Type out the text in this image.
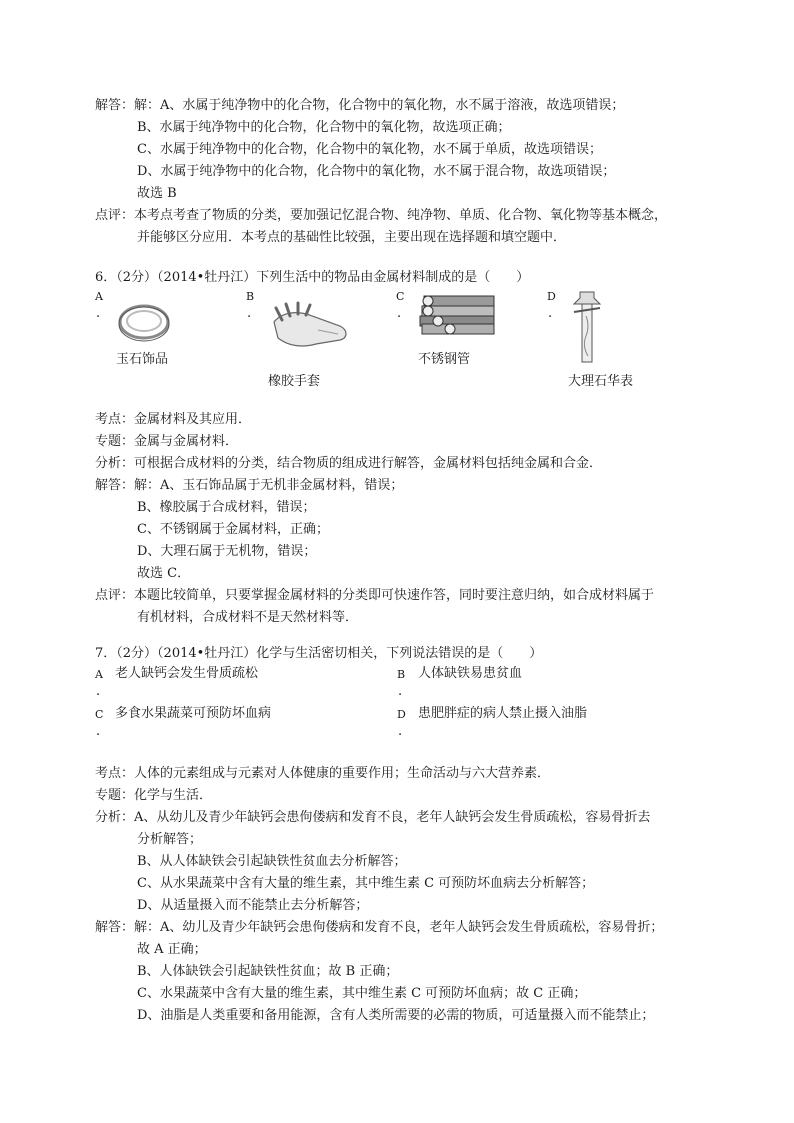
解答：解：A、水属于纯净物中的化合物，化合物中的氧化物，水不属于溶液，故选项错误；
B、水属于纯净物中的化合物，化合物中的氧化物，故选项正确；
C、水属于纯净物中的化合物，化合物中的氧化物，水不属于单质，故选项错误；
D、水属于纯净物中的化合物，化合物中的氧化物，水不属于混合物，故选项错误；
故选 B
点评：本考点考查了物质的分类，要加强记忆混合物、纯净物、单质、化合物、氧化物等基本概念，
并能够区分应用．本考点的基础性比较强，主要出现在选择题和填空题中．
6．（2分）（2014•牡丹江）下列生活中的物品由金属材料制成的是（　　）
A
.
玉石饰品
B
.
橡胶手套
C
.
不锈钢管
D
.
大理石华表
考点：金属材料及其应用．
专题：金属与金属材料．
分析：可根据合成材料的分类，结合物质的组成进行解答，金属材料包括纯金属和合金．
解答：解：A、玉石饰品属于无机非金属材料，错误；
B、橡胶属于合成材料，错误；
C、不锈钢属于金属材料，正确；
D、大理石属于无机物，错误；
故选 C．
点评：本题比较简单，只要掌握金属材料的分类即可快速作答，同时要注意归纳，如合成材料属于
有机材料，合成材料不是天然材料等．
7．（2分）（2014•牡丹江）化学与生活密切相关，下列说法错误的是（　　）
A 老人缺钙会发生骨质疏松
.
B 人体缺铁易患贫血
.
C 多食水果蔬菜可预防坏血病
.
D 患肥胖症的病人禁止摄入油脂
.
考点：人体的元素组成与元素对人体健康的重要作用；生命活动与六大营养素．
专题：化学与生活．
分析：A、从幼儿及青少年缺钙会患佝偻病和发育不良，老年人缺钙会发生骨质疏松，容易骨折去
分析解答；
B、从人体缺铁会引起缺铁性贫血去分析解答；
C、从水果蔬菜中含有大量的维生素，其中维生素 C 可预防坏血病去分析解答；
D、从适量摄入而不能禁止去分析解答；
解答：解：A、幼儿及青少年缺钙会患佝偻病和发育不良，老年人缺钙会发生骨质疏松，容易骨折；
故 A 正确；
B、人体缺铁会引起缺铁性贫血；故 B 正确；
C、水果蔬菜中含有大量的维生素，其中维生素 C 可预防坏血病；故 C 正确；
D、油脂是人类重要和备用能源，含有人类所需要的必需的物质，可适量摄入而不能禁止；
